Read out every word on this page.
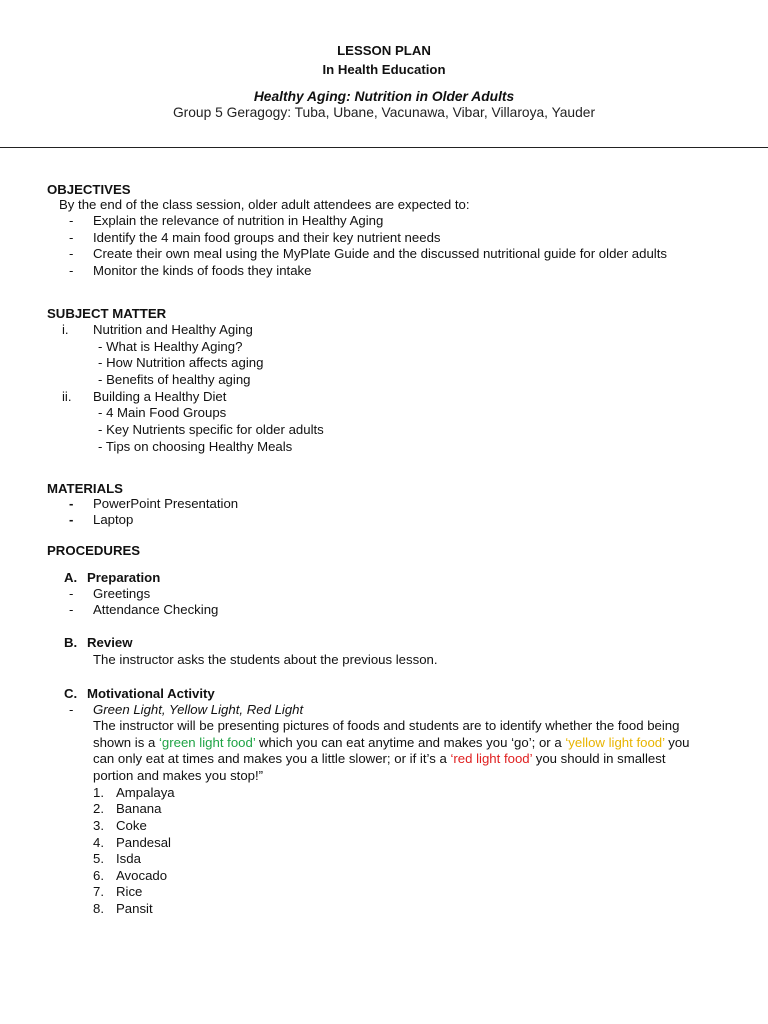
LESSON PLAN
In Health Education
Healthy Aging: Nutrition in Older Adults
Group 5 Geragogy: Tuba, Ubane, Vacunawa, Vibar, Villaroya, Yauder
OBJECTIVES
By the end of the class session, older adult attendees are expected to:
- Explain the relevance of nutrition in Healthy Aging
- Identify the 4 main food groups and their key nutrient needs
- Create their own meal using the MyPlate Guide and the discussed nutritional guide for older adults
- Monitor the kinds of foods they intake
SUBJECT MATTER
i. Nutrition and Healthy Aging
- What is Healthy Aging?
- How Nutrition affects aging
- Benefits of healthy aging
ii. Building a Healthy Diet
- 4 Main Food Groups
- Key Nutrients specific for older adults
- Tips on choosing Healthy Meals
MATERIALS
- PowerPoint Presentation
- Laptop
PROCEDURES
A. Preparation
- Greetings
- Attendance Checking
B. Review
The instructor asks the students about the previous lesson.
C. Motivational Activity
- Green Light, Yellow Light, Red Light
The instructor will be presenting pictures of foods and students are to identify whether the food being shown is a ‘green light food’ which you can eat anytime and makes you ‘go’; or a ‘yellow light food’ you can only eat at times and makes you a little slower; or if it’s a ‘red light food’ you should in smallest portion and makes you stop!”
1. Ampalaya
2. Banana
3. Coke
4. Pandesal
5. Isda
6. Avocado
7. Rice
8. Pansit
